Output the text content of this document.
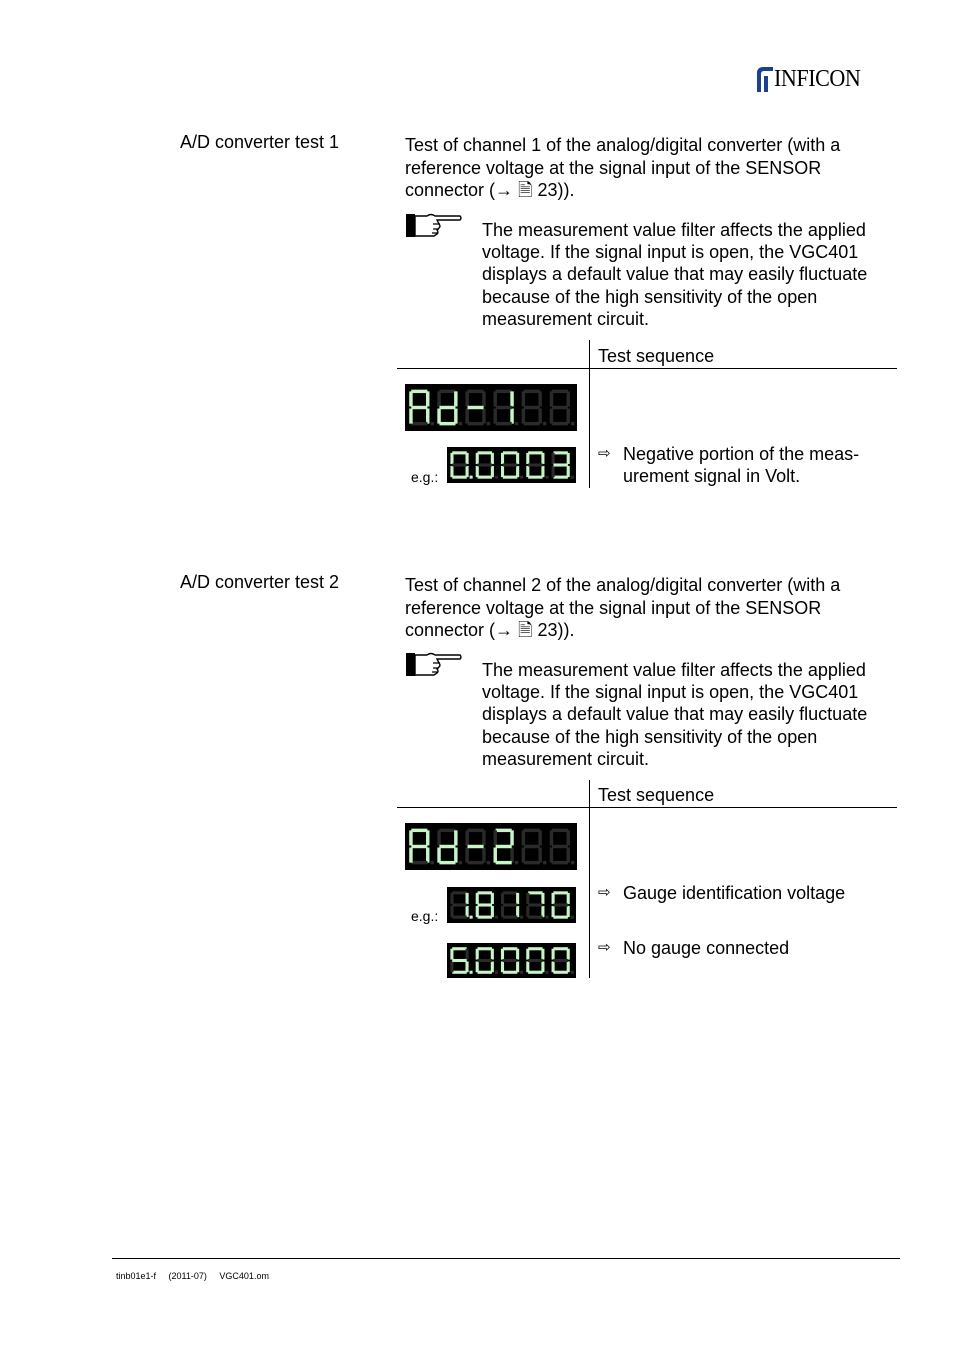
INFICON
A/D converter test 1	Test of channel 1 of the analog/digital converter (with a reference voltage at the signal input of the SENSOR connector (→ 🗎 23)).
The measurement value filter affects the applied voltage. If the signal input is open, the VGC401 displays a default value that may easily fluctuate because of the high sensitivity of the open measurement circuit.
Test sequence
e.g.:
⇨ Negative portion of the meas-urement signal in Volt.
A/D converter test 2	Test of channel 2 of the analog/digital converter (with a reference voltage at the signal input of the SENSOR connector (→ 🗎 23)).
The measurement value filter affects the applied voltage. If the signal input is open, the VGC401 displays a default value that may easily fluctuate because of the high sensitivity of the open measurement circuit.
Test sequence
e.g.:
⇨ Gauge identification voltage
⇨ No gauge connected
tinb01e1-f (2011-07) VGC401.om
